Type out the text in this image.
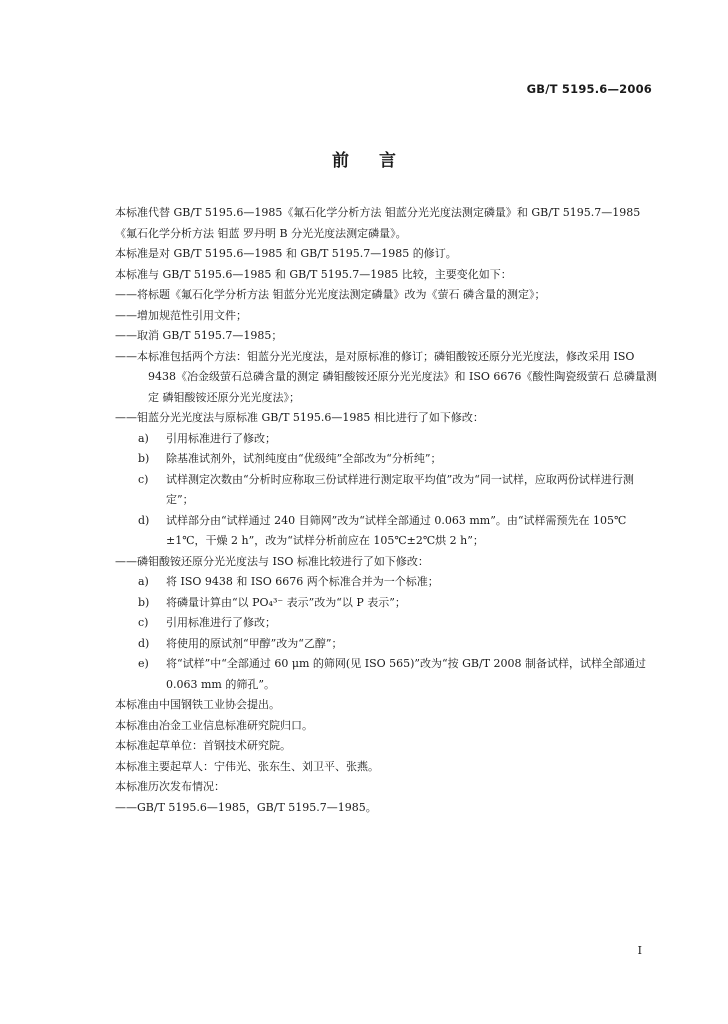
GB/T 5195.6—2006
前言
本标准代替 GB/T 5195.6—1985《氟石化学分析方法 钼蓝分光光度法测定磷量》和 GB/T 5195.7—1985《氟石化学分析方法 钼蓝 罗丹明 B 分光光度法测定磷量》。
本标准是对 GB/T 5195.6—1985 和 GB/T 5195.7—1985 的修订。
本标准与 GB/T 5195.6—1985 和 GB/T 5195.7—1985 比较，主要变化如下：
——将标题《氟石化学分析方法 钼蓝分光光度法测定磷量》改为《萤石 磷含量的测定》；
——增加规范性引用文件；
——取消 GB/T 5195.7—1985；
——本标准包括两个方法：钼蓝分光光度法，是对原标准的修订；磷钼酸铵还原分光光度法，修改采用 ISO 9438《冶金级萤石总磷含量的测定 磷钼酸铵还原分光光度法》和 ISO 6676《酸性陶瓷级萤石 总磷量测定 磷钼酸铵还原分光光度法》；
——钼蓝分光光度法与原标准 GB/T 5195.6—1985 相比进行了如下修改：
a) 引用标准进行了修改；
b) 除基准试剂外，试剂纯度由“优级纯”全部改为“分析纯”；
c) 试样测定次数由“分析时应称取三份试样进行测定取平均值”改为“同一试样，应取两份试样进行测定”；
d) 试样部分由“试样通过 240 目筛网”改为“试样全部通过 0.063 mm”。由“试样需预先在 105℃±1℃，干燥 2 h”，改为“试样分析前应在 105℃±2℃烘 2 h”；
——磷钼酸铵还原分光光度法与 ISO 标准比较进行了如下修改：
a) 将 ISO 9438 和 ISO 6676 两个标准合并为一个标准；
b) 将磷量计算由“以 PO₄³⁻ 表示”改为“以 P 表示”；
c) 引用标准进行了修改；
d) 将使用的原试剂“甲醇”改为“乙醇”；
e) 将“试样”中“全部通过 60 μm 的筛网(见 ISO 565)”改为“按 GB/T 2008 制备试样，试样全部通过 0.063 mm 的筛孔”。
本标准由中国钢铁工业协会提出。
本标准由冶金工业信息标准研究院归口。
本标准起草单位：首钢技术研究院。
本标准主要起草人：宁伟光、张东生、刘卫平、张燕。
本标准历次发布情况：
——GB/T 5195.6—1985，GB/T 5195.7—1985。
I
